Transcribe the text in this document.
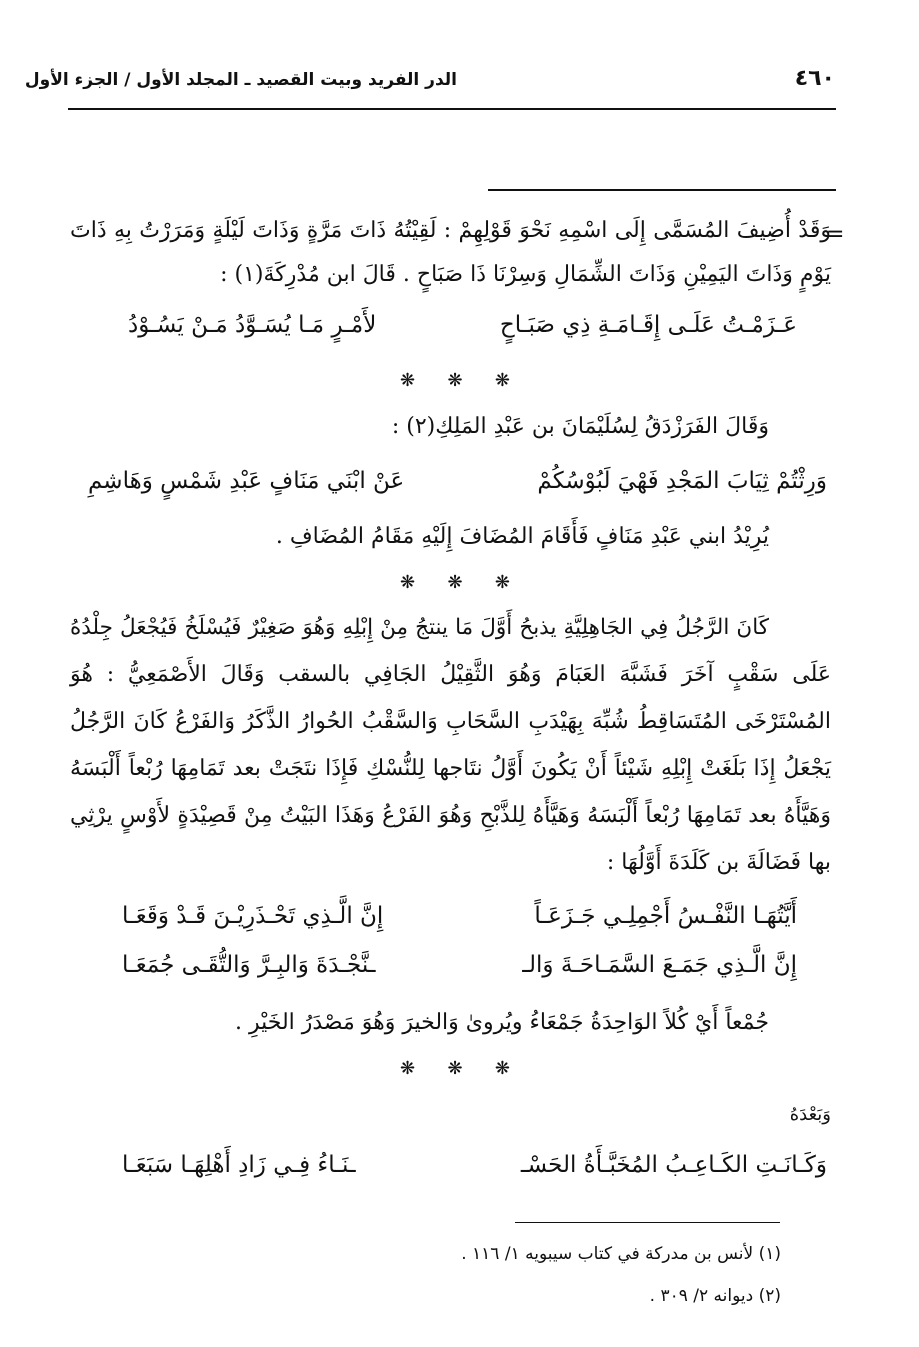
الدر الفريد وبيت القصيد ـ المجلد الأول / الجزء الأول	٤٦٠
=
وَقَدْ أُضِيفَ المُسَمَّى إِلَى اسْمِهِ نَحْوَ قَوْلِهِمْ : لَقِيْتُهُ ذَاتَ مَرَّةٍ وَذَاتَ لَيْلَةٍ وَمَرَرْتُ بِهِ ذَاتَ
يَوْمٍ وَذَاتَ اليَمِيْنِ وَذَاتَ الشِّمَالِ وَسِرْنَا ذَا صَبَاحٍ . قَالَ ابن مُدْرِكَةَ(١) :
عَـزَمْـتُ عَلَـى إِقَـامَـةِ ذِي صَبَـاحٍ
لأَمْـرٍ مَـا يُسَـوَّدُ مَـنْ يَسُـوْدُ
❋ ❋ ❋
وَقَالَ الفَرَزْدَقُ لِسُلَيْمَانَ بن عَبْدِ المَلِكِ(٢) :
وَرِثْتُمْ ثِيَابَ المَجْدِ فَهْيَ لَبُوْسُكُمْ
عَنْ ابْنَي مَنَافٍ عَبْدِ شَمْسٍ وَهَاشِمِ
يُرِيْدُ ابني عَبْدِ مَنَافٍ فَأَقَامَ المُضَافَ إِلَيْهِ مَقَامُ المُضَافِ .
❋ ❋ ❋
كَانَ الرَّجُلُ فِي الجَاهِلِيَّةِ يذبحُ أَوَّلَ مَا ينتجُ مِنْ إِبْلِهِ وَهُوَ صَغِيْرٌ فَيُسْلَخُ فَيُجْعَلُ جِلْدُهُ
عَلَى سَقْبٍ آخَرَ فَشَبَّهَ العَبَامَ وَهُوَ الثَّقِيْلُ الجَافِي بالسقب وَقَالَ الأَصْمَعِيُّ : هُوَ
المُسْتَرْخَى المُتَسَاقِطُ شُبِّهَ بِهَيْدَبِ السَّحَابِ وَالسَّقْبُ الحُوارُ الذَّكَرُ وَالفَرْعُ كَانَ الرَّجُلُ
يَجْعَلُ إِذَا بَلَغَتْ إِبْلِهِ شَيْئاً أَنْ يَكُونَ أَوَّلُ نتَاجها لِلنُّسْكِ فَإِذَا نتَجَتْ بعد تَمَامِهَا رُبْعاً أَلْبَسَهُ
وَهَيَّأَهُ بعد تَمَامِهَا رُبْعاً أَلْبَسَهُ وَهَيَّأَهُ لِلذَّبْحِ وَهُوَ الفَرْعُ وَهَذَا البَيْتُ مِنْ قَصِيْدَةٍ لأَوْسٍ يرْثِي
بها فَضَالَةَ بن كَلَدَةَ أَوَّلُهَا :
أَيَّتُهَـا النَّفْـسُ أَجْمِلِـي جَـزَعَـاً
إِنَّ الَّـذِي تَحْـذَرِيْـنَ قَـدْ وَقَعَـا
إِنَّ الَّـذِي جَمَـعَ السَّمَـاحَـةَ وَالـ
ـنَّجْـدَةَ وَالبِـرَّ وَالتُّقَـى جُمَعَـا
جُمْعاً أَيْ كُلاً الوَاحِدَةُ جَمْعَاءُ ويُروىٰ وَالخيرَ وَهُوَ مَصْدَرُ الخَيْرِ .
❋ ❋ ❋
وَبَعْدَهُ
وَكَـانَـتِ الكَـاعِـبُ المُخَبَّـأَةُ الحَسْـ
ـنَـاءُ فِـي زَادِ أَهْلِهَـا سَبَعَـا
(١) لأنس بن مدركة في كتاب سيبويه ١/ ١١٦ .
(٢) ديوانه ٢/ ٣٠٩ .
